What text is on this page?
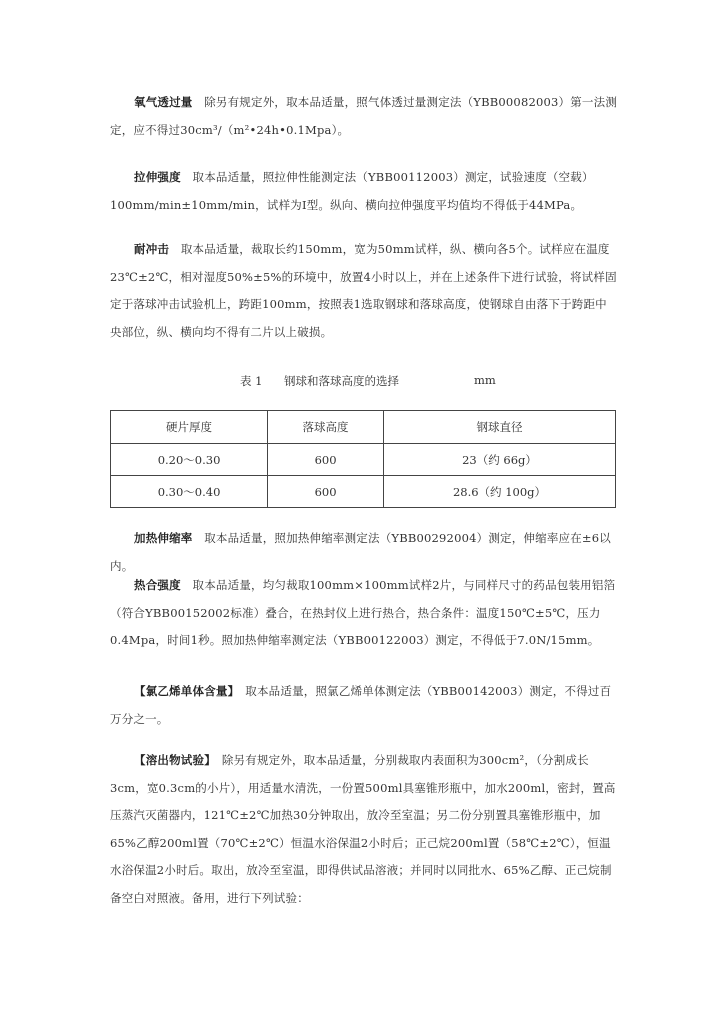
氧气透过量　 除另有规定外，取本品适量，照气体透过量测定法（YBB00082003）第一法测定，应不得过30cm³/（m²•24h•0.1Mpa）。

拉伸强度　 取本品适量，照拉伸性能测定法（YBB00112003）测定，试验速度（空载）100mm/min±10mm/min，试样为Ⅰ型。纵向、横向拉伸强度平均值均不得低于44MPa。

耐冲击　 取本品适量，裁取长约150mm，宽为50mm试样，纵、横向各5个。试样应在温度23℃±2℃，相对湿度50%±5%的环境中，放置4小时以上，并在上述条件下进行试验，将试样固定于落球冲击试验机上，跨距100mm，按照表1选取钢球和落球高度，使钢球自由落下于跨距中央部位，纵、横向均不得有二片以上破损。

表 1 钢球和落球高度的选择	mm
硬片厚度	落球高度	钢球直径
0.20～0.30	600	23（约 66g）
0.30～0.40	600	28.6（约 100g）

加热伸缩率　 取本品适量，照加热伸缩率测定法（YBB00292004）测定，伸缩率应在±6以内。

热合强度　 取本品适量，均匀裁取100mm×100mm试样2片，与同样尺寸的药品包装用铝箔（符合YBB00152002标准）叠合，在热封仪上进行热合，热合条件：温度150℃±5℃，压力0.4Mpa，时间1秒。照加热伸缩率测定法（YBB00122003）测定，不得低于7.0N/15mm。

【氯乙烯单体含量】　 取本品适量，照氯乙烯单体测定法（YBB00142003）测定，不得过百万分之一。

【溶出物试验】　 除另有规定外，取本品适量，分别裁取内表面积为300cm²，（分割成长3cm，宽0.3cm的小片），用适量水清洗，一份置500ml具塞锥形瓶中，加水200ml，密封，置高压蒸汽灭菌器内，121℃±2℃加热30分钟取出，放冷至室温；另二份分别置具塞锥形瓶中，加65%乙醇200ml置（70℃±2℃）恒温水浴保温2小时后；正己烷200ml置（58℃±2℃），恒温水浴保温2小时后。取出，放冷至室温，即得供试品溶液；并同时以同批水、65%乙醇、正己烷制备空白对照液。备用，进行下列试验：
